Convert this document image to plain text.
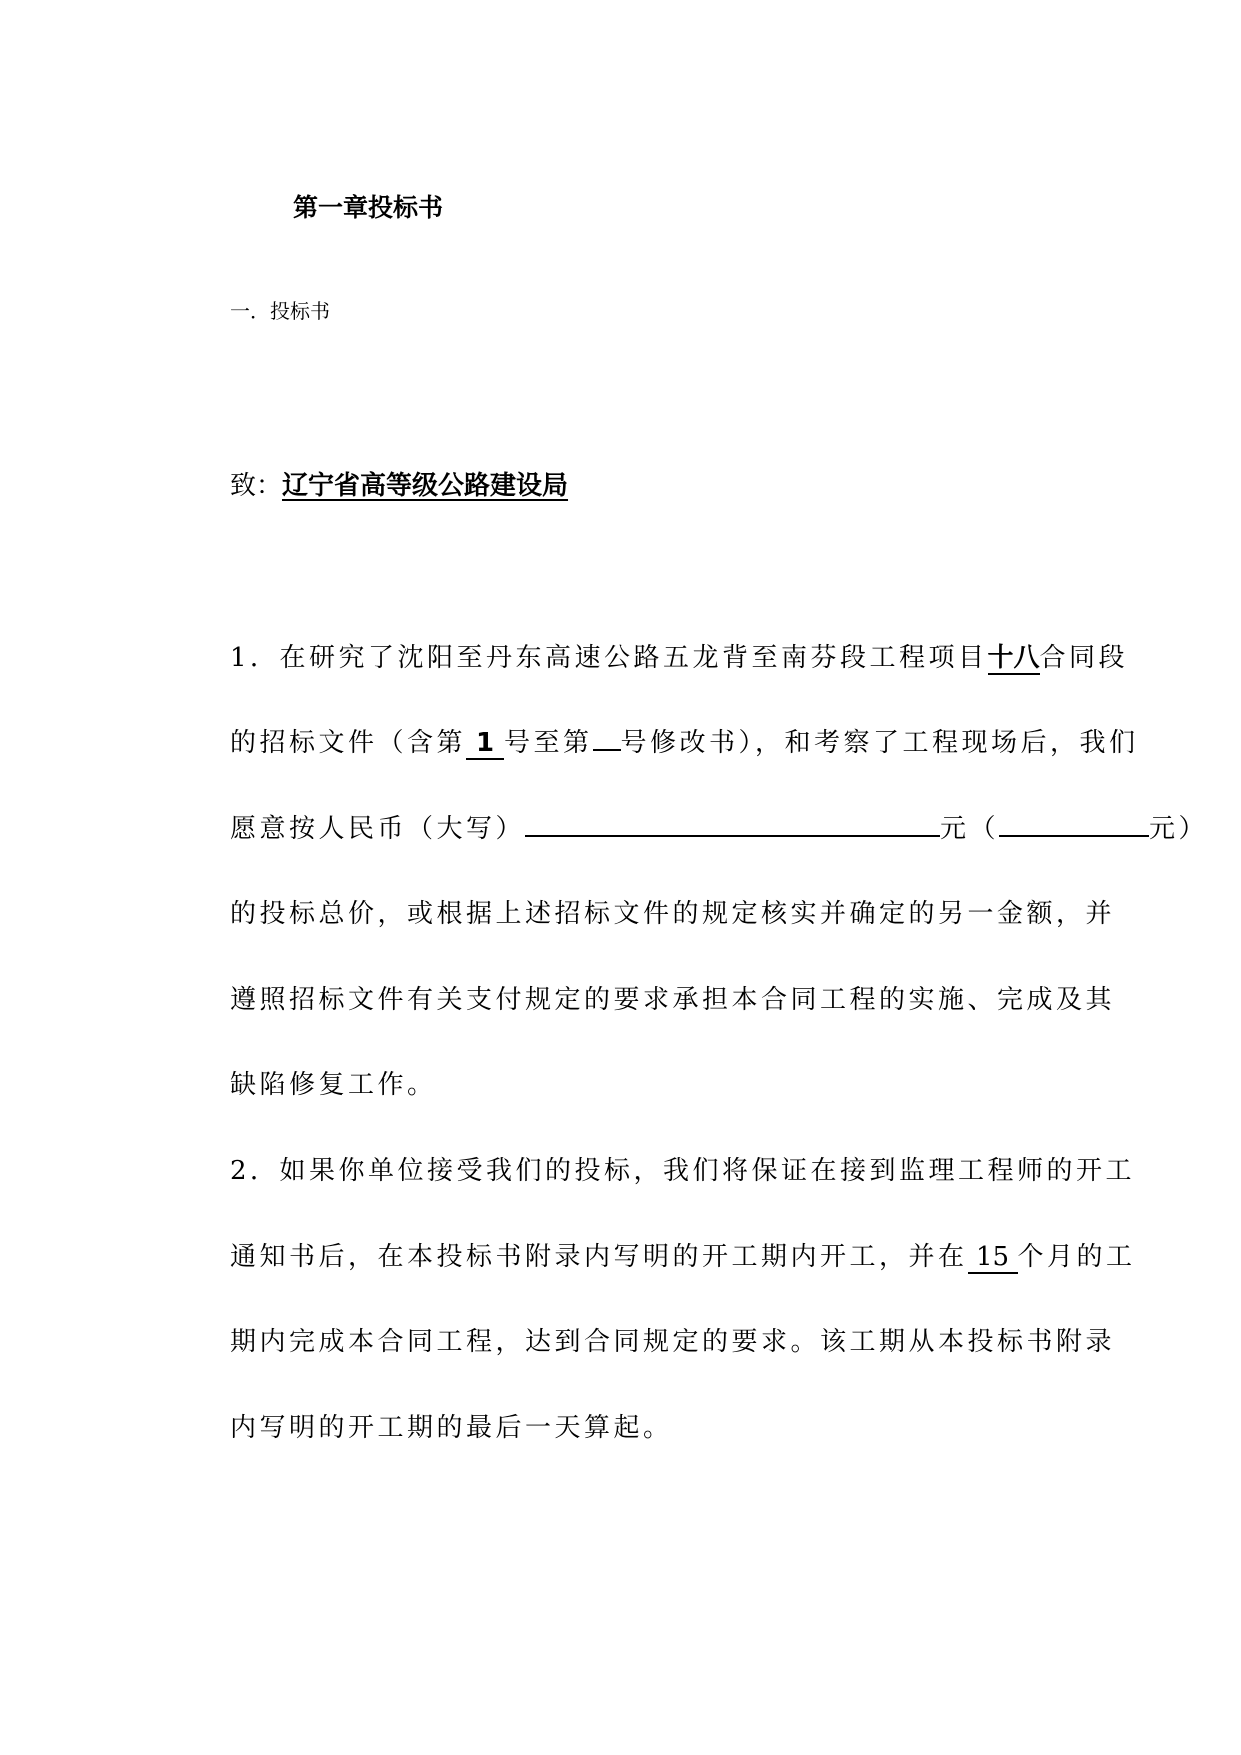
第一章投标书
一．投标书
致：辽宁省高等级公路建设局
1．在研究了沈阳至丹东高速公路五龙背至南芬段工程项目十八合同段
的招标文件（含第 1 号至第 号修改书），和考察了工程现场后，我们
愿意按人民币（大写）	元（	元）
的投标总价，或根据上述招标文件的规定核实并确定的另一金额，并
遵照招标文件有关支付规定的要求承担本合同工程的实施、完成及其
缺陷修复工作。
2．如果你单位接受我们的投标，我们将保证在接到监理工程师的开工
通知书后，在本投标书附录内写明的开工期内开工，并在 15 个月的工
期内完成本合同工程，达到合同规定的要求。该工期从本投标书附录
内写明的开工期的最后一天算起。
